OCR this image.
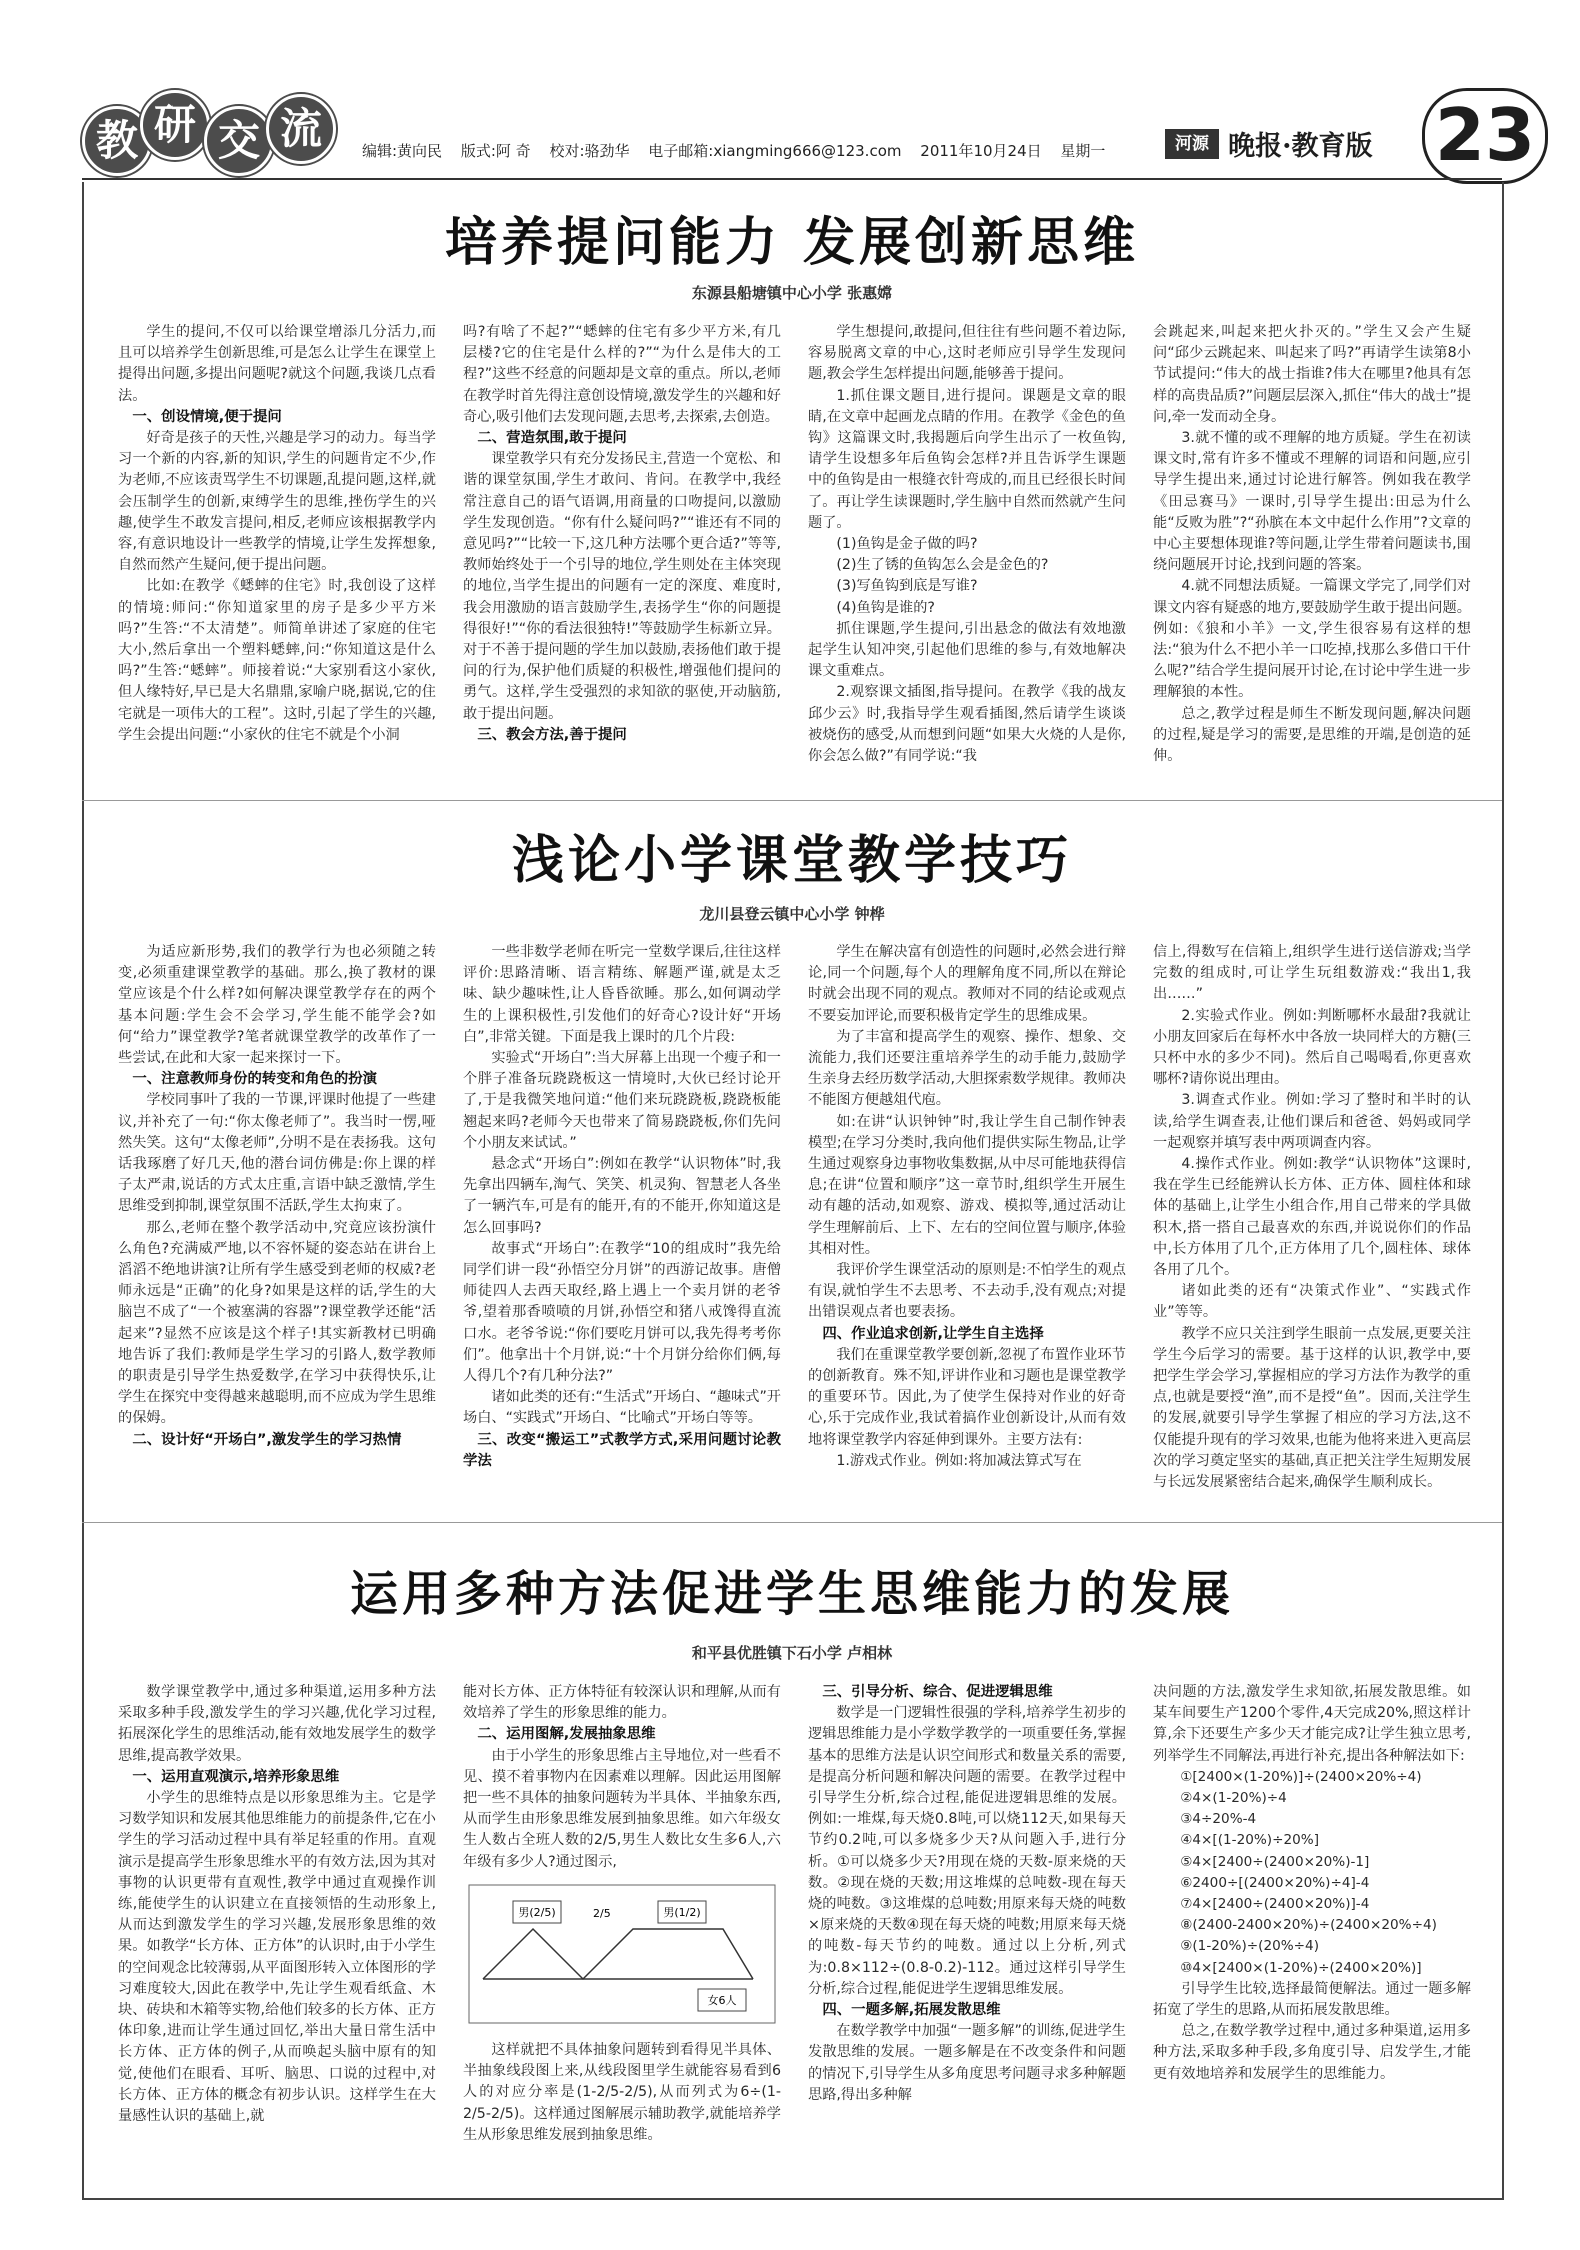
教 研 交 流	编辑:黄向民 版式:阿 奇 校对:骆劲华 电子邮箱:xiangming666@123.com 2011年10月24日 星期一	河源 晚报·教育版 23
培养提问能力 发展创新思维
东源县船塘镇中心小学 张惠嫦

学生的提问,不仅可以给课堂增添几分活力,而且可以培养学生创新思维,可是怎么让学生在课堂上提得出问题,多提出问题呢?就这个问题,我谈几点看法。

一、创设情境,便于提问

好奇是孩子的天性,兴趣是学习的动力。每当学习一个新的内容,新的知识,学生的问题肯定不少,作为老师,不应该责骂学生不切课题,乱提问题,这样,就会压制学生的创新,束缚学生的思维,挫伤学生的兴趣,使学生不敢发言提问,相反,老师应该根据教学内容,有意识地设计一些教学的情境,让学生发挥想象,自然而然产生疑问,便于提出问题。

比如:在教学《蟋蟀的住宅》时,我创设了这样的情境:师问:“你知道家里的房子是多少平方米吗?”生答:“不太清楚”。师简单讲述了家庭的住宅大小,然后拿出一个塑料蟋蟀,问:“你知道这是什么吗?”生答:“蟋蟀”。师接着说:“大家别看这小家伙,但人缘特好,早已是大名鼎鼎,家喻户晓,据说,它的住宅就是一项伟大的工程”。这时,引起了学生的兴趣,学生会提出问题:“小家伙的住宅不就是个小洞

吗?有啥了不起?”“蟋蟀的住宅有多少平方米,有几层楼?它的住宅是什么样的?”“为什么是伟大的工程?”这些不经意的问题却是文章的重点。所以,老师在教学时首先得注意创设情境,激发学生的兴趣和好奇心,吸引他们去发现问题,去思考,去探索,去创造。

二、营造氛围,敢于提问

课堂教学只有充分发扬民主,营造一个宽松、和谐的课堂氛围,学生才敢问、肯问。在教学中,我经常注意自己的语气语调,用商量的口吻提问,以激励学生发现创造。“你有什么疑问吗?”“谁还有不同的意见吗?”“比较一下,这几种方法哪个更合适?”等等,教师始终处于一个引导的地位,学生则处在主体突现的地位,当学生提出的问题有一定的深度、难度时,我会用激励的语言鼓励学生,表扬学生“你的问题提得很好!”“你的看法很独特!”等鼓励学生标新立异。对于不善于提问题的学生加以鼓励,表扬他们敢于提问的行为,保护他们质疑的积极性,增强他们提问的勇气。这样,学生受强烈的求知欲的驱使,开动脑筋,敢于提出问题。

三、教会方法,善于提问

学生想提问,敢提问,但往往有些问题不着边际,容易脱离文章的中心,这时老师应引导学生发现问题,教会学生怎样提出问题,能够善于提问。

1.抓住课文题目,进行提问。课题是文章的眼睛,在文章中起画龙点睛的作用。在教学《金色的鱼钩》这篇课文时,我揭题后向学生出示了一枚鱼钩,请学生设想多年后鱼钩会怎样?并且告诉学生课题中的鱼钩是由一根缝衣针弯成的,而且已经很长时间了。再让学生读课题时,学生脑中自然而然就产生问题了。

(1)鱼钩是金子做的吗?

(2)生了锈的鱼钩怎么会是金色的?

(3)写鱼钩到底是写谁?

(4)鱼钩是谁的?

抓住课题,学生提问,引出悬念的做法有效地激起学生认知冲突,引起他们思维的参与,有效地解决课文重难点。

2.观察课文插图,指导提问。在教学《我的战友邱少云》时,我指导学生观看插图,然后请学生谈谈被烧伤的感受,从而想到问题“如果大火烧的人是你,你会怎么做?”有同学说:“我

会跳起来,叫起来把火扑灭的。”学生又会产生疑问“邱少云跳起来、叫起来了吗?”再请学生读第8小节试提问:“伟大的战士指谁?伟大在哪里?他具有怎样的高贵品质?”问题层层深入,抓住“伟大的战士”提问,牵一发而动全身。

3.就不懂的或不理解的地方质疑。学生在初读课文时,常有许多不懂或不理解的词语和问题,应引导学生提出来,通过讨论进行解答。例如我在教学《田忌赛马》一课时,引导学生提出:田忌为什么能“反败为胜”?“孙膑在本文中起什么作用”?文章的中心主要想体现谁?等问题,让学生带着问题读书,围绕问题展开讨论,找到问题的答案。

4.就不同想法质疑。一篇课文学完了,同学们对课文内容有疑惑的地方,要鼓励学生敢于提出问题。例如:《狼和小羊》一文,学生很容易有这样的想法:“狼为什么不把小羊一口吃掉,找那么多借口干什么呢?”结合学生提问展开讨论,在讨论中学生进一步理解狼的本性。

总之,教学过程是师生不断发现问题,解决问题的过程,疑是学习的需要,是思维的开端,是创造的延伸。

浅论小学课堂教学技巧
龙川县登云镇中心小学 钟桦

为适应新形势,我们的教学行为也必须随之转变,必须重建课堂教学的基础。那么,换了教材的课堂应该是个什么样?如何解决课堂教学存在的两个基本问题:学生会不会学习,学生能不能学会?如何“给力”课堂教学?笔者就课堂教学的改革作了一些尝试,在此和大家一起来探讨一下。

一、注意教师身份的转变和角色的扮演

学校同事叶了我的一节课,评课时他提了一些建议,并补充了一句:“你太像老师了”。我当时一愣,哑然失笑。这句“太像老师”,分明不是在表扬我。这句话我琢磨了好几天,他的潜台词仿佛是:你上课的样子太严肃,说话的方式太庄重,言语中缺乏激情,学生思维受到抑制,课堂氛围不活跃,学生太拘束了。

那么,老师在整个教学活动中,究竟应该扮演什么角色?充满威严地,以不容怀疑的姿态站在讲台上滔滔不绝地讲演?让所有学生感受到老师的权威?老师永远是“正确”的化身?如果是这样的话,学生的大脑岂不成了“一个被塞满的容器”?课堂教学还能“活起来”?显然不应该是这个样子!其实新教材已明确地告诉了我们:教师是学生学习的引路人,数学教师的职责是引导学生热爱数学,在学习中获得快乐,让学生在探究中变得越来越聪明,而不应成为学生思维的保姆。

二、设计好“开场白”,激发学生的学习热情

一些非数学老师在听完一堂数学课后,往往这样评价:思路清晰、语言精练、解题严谨,就是太乏味、缺少趣味性,让人昏昏欲睡。那么,如何调动学生的上课积极性,引发他们的好奇心?设计好“开场白”,非常关键。下面是我上课时的几个片段:

实验式“开场白”:当大屏幕上出现一个瘦子和一个胖子准备玩跷跷板这一情境时,大伙已经讨论开了,于是我微笑地问道:“他们来玩跷跷板,跷跷板能翘起来吗?老师今天也带来了简易跷跷板,你们先问个小朋友来试试。”

悬念式“开场白”:例如在教学“认识物体”时,我先拿出四辆车,淘气、笑笑、机灵狗、智慧老人各坐了一辆汽车,可是有的能开,有的不能开,你知道这是怎么回事吗?

故事式“开场白”:在教学“10的组成时”我先给同学们讲一段“孙悟空分月饼”的西游记故事。唐僧师徒四人去西天取经,路上遇上一个卖月饼的老爷爷,望着那香喷喷的月饼,孙悟空和猪八戒馋得直流口水。老爷爷说:“你们要吃月饼可以,我先得考考你们”。他拿出十个月饼,说:“十个月饼分给你们俩,每人得几个?有几种分法?”

诸如此类的还有:“生活式”开场白、“趣味式”开场白、“实践式”开场白、“比喻式”开场白等等。

三、改变“搬运工”式教学方式,采用问题讨论教学法

学生在解决富有创造性的问题时,必然会进行辩论,同一个问题,每个人的理解角度不同,所以在辩论时就会出现不同的观点。教师对不同的结论或观点不要妄加评论,而要积极肯定学生的思维成果。

为了丰富和提高学生的观察、操作、想象、交流能力,我们还要注重培养学生的动手能力,鼓励学生亲身去经历数学活动,大胆探索数学规律。教师决不能图方便越俎代庖。

如:在讲“认识钟钟”时,我让学生自己制作钟表模型;在学习分类时,我向他们提供实际生物品,让学生通过观察身边事物收集数据,从中尽可能地获得信息;在讲“位置和顺序”这一章节时,组织学生开展生动有趣的活动,如观察、游戏、模拟等,通过活动让学生理解前后、上下、左右的空间位置与顺序,体验其相对性。

我评价学生课堂活动的原则是:不怕学生的观点有误,就怕学生不去思考、不去动手,没有观点;对提出错误观点者也要表扬。

四、作业追求创新,让学生自主选择

我们在重课堂教学要创新,忽视了布置作业环节的创新教育。殊不知,评讲作业和习题也是课堂教学的重要环节。因此,为了使学生保持对作业的好奇心,乐于完成作业,我试着搞作业创新设计,从而有效地将课堂教学内容延伸到课外。主要方法有:

1.游戏式作业。例如:将加减法算式写在

信上,得数写在信箱上,组织学生进行送信游戏;当学完数的组成时,可让学生玩组数游戏:“我出1,我出……”

2.实验式作业。例如:判断哪杯水最甜?我就让小朋友回家后在每杯水中各放一块同样大的方糖(三只杯中水的多少不同)。然后自己喝喝看,你更喜欢哪杯?请你说出理由。

3.调查式作业。例如:学习了整时和半时的认读,给学生调查表,让他们课后和爸爸、妈妈或同学一起观察并填写表中两项调查内容。

4.操作式作业。例如:教学“认识物体”这课时,我在学生已经能辨认长方体、正方体、圆柱体和球体的基础上,让学生小组合作,用自己带来的学具做积木,搭一搭自己最喜欢的东西,并说说你们的作品中,长方体用了几个,正方体用了几个,圆柱体、球体各用了几个。

诸如此类的还有“决策式作业”、“实践式作业”等等。

教学不应只关注到学生眼前一点发展,更要关注学生今后学习的需要。基于这样的认识,教学中,要把学生学会学习,掌握相应的学习方法作为教学的重点,也就是要授“渔”,而不是授“鱼”。因而,关注学生的发展,就要引导学生掌握了相应的学习方法,这不仅能提升现有的学习效果,也能为他将来进入更高层次的学习奠定坚实的基础,真正把关注学生短期发展与长远发展紧密结合起来,确保学生顺利成长。

运用多种方法促进学生思维能力的发展
和平县优胜镇下石小学 卢相林

数学课堂教学中,通过多种渠道,运用多种方法采取多种手段,激发学生的学习兴趣,优化学习过程,拓展深化学生的思维活动,能有效地发展学生的数学思维,提高教学效果。

一、运用直观演示,培养形象思维

小学生的思维特点是以形象思维为主。它是学习数学知识和发展其他思维能力的前提条件,它在小学生的学习活动过程中具有举足轻重的作用。直观演示是提高学生形象思维水平的有效方法,因为其对事物的认识更带有直观性,教学中通过直观操作训练,能使学生的认识建立在直接领悟的生动形象上,从而达到激发学生的学习兴趣,发展形象思维的效果。如教学“长方体、正方体”的认识时,由于小学生的空间观念比较薄弱,从平面图形转入立体图形的学习难度较大,因此在教学中,先让学生观看纸盒、木块、砖块和木箱等实物,给他们较多的长方体、正方体印象,进而让学生通过回忆,举出大量日常生活中长方体、正方体的例子,从而唤起头脑中原有的知觉,使他们在眼看、耳听、脑思、口说的过程中,对长方体、正方体的概念有初步认识。这样学生在大量感性认识的基础上,就

能对长方体、正方体特征有较深认识和理解,从而有效培养了学生的形象思维的能力。

二、运用图解,发展抽象思维

由于小学生的形象思维占主导地位,对一些看不见、摸不着事物内在因素难以理解。因此运用图解把一些不具体的抽象问题转为半具体、半抽象东西,从而学生由形象思维发展到抽象思维。如六年级女生人数占全班人数的2/5,男生人数比女生多6人,六年级有多少人?通过图示,

男(2/5)	男(1/2)
女6人
2/5

这样就把不具体抽象问题转到看得见半具体、半抽象线段图上来,从线段图里学生就能容易看到6人的对应分率是(1-2/5-2/5),从而列式为6÷(1-2/5-2/5)。这样通过图解展示辅助教学,就能培养学生从形象思维发展到抽象思维。

三、引导分析、综合、促进逻辑思维

数学是一门逻辑性很强的学科,培养学生初步的逻辑思维能力是小学数学教学的一项重要任务,掌握基本的思维方法是认识空间形式和数量关系的需要,是提高分析问题和解决问题的需要。在教学过程中引导学生分析,综合过程,能促进逻辑思维的发展。例如:一堆煤,每天烧0.8吨,可以烧112天,如果每天节约0.2吨,可以多烧多少天?从问题入手,进行分析。①可以烧多少天?用现在烧的天数-原来烧的天数。②现在烧的天数;用这堆煤的总吨数-现在每天烧的吨数。③这堆煤的总吨数;用原来每天烧的吨数×原来烧的天数④现在每天烧的吨数;用原来每天烧的吨数-每天节约的吨数。通过以上分析,列式为:0.8×112÷(0.8-0.2)-112。通过这样引导学生分析,综合过程,能促进学生逻辑思维发展。

四、一题多解,拓展发散思维

在数学教学中加强“一题多解”的训练,促进学生发散思维的发展。一题多解是在不改变条件和问题的情况下,引导学生从多角度思考问题寻求多种解题思路,得出多种解

决问题的方法,激发学生求知欲,拓展发散思维。如某车间要生产1200个零件,4天完成20%,照这样计算,余下还要生产多少天才能完成?让学生独立思考,列举学生不同解法,再进行补充,提出各种解法如下:

①[2400×(1-20%)]÷(2400×20%÷4)

②4×(1-20%)÷4

③4÷20%-4

④4×[(1-20%)÷20%]

⑤4×[2400÷(2400×20%)-1]

⑥2400÷[(2400×20%)÷4]-4

⑦4×[2400÷(2400×20%)]-4

⑧(2400-2400×20%)÷(2400×20%÷4)

⑨(1-20%)÷(20%÷4)

⑩4×[2400×(1-20%)÷(2400×20%)]

引导学生比较,选择最简便解法。通过一题多解拓宽了学生的思路,从而拓展发散思维。

总之,在数学教学过程中,通过多种渠道,运用多种方法,采取多种手段,多角度引导、启发学生,才能更有效地培养和发展学生的思维能力。
